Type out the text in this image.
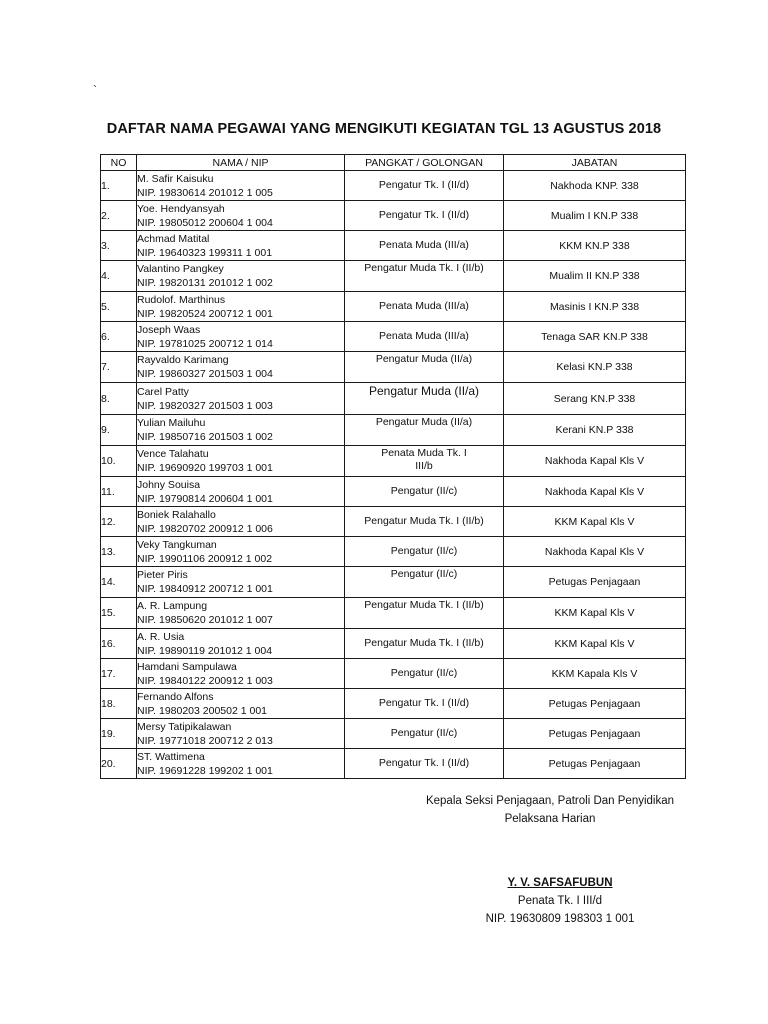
`
DAFTAR NAMA PEGAWAI YANG MENGIKUTI KEGIATAN TGL 13 AGUSTUS 2018
NO	NAMA / NIP	PANGKAT / GOLONGAN	JABATAN
1.	M. Safir Kaisuku
NIP. 19830614 201012 1 005	Pengatur Tk. I (II/d)	Nakhoda KNP. 338
2.	Yoe. Hendyansyah
NIP. 19805012 200604 1 004	Pengatur Tk. I (II/d)	Mualim I KN.P 338
3.	Achmad Matital
NIP. 19640323 199311 1 001	Penata Muda (III/a)	KKM KN.P 338
4.	Valantino Pangkey
NIP. 19820131 201012 1 002	Pengatur Muda Tk. I (II/b)	Mualim II KN.P 338
5.	Rudolof. Marthinus
NIP. 19820524 200712 1 001	Penata Muda (III/a)	Masinis I KN.P 338
6.	Joseph Waas
NIP. 19781025 200712 1 014	Penata Muda (III/a)	Tenaga SAR KN.P 338
7.	Rayvaldo Karimang
NIP. 19860327 201503 1 004	Pengatur Muda (II/a)	Kelasi KN.P 338
8.	Carel Patty
NIP. 19820327 201503 1 003	Pengatur Muda (II/a)	Serang KN.P 338
9.	Yulian Mailuhu
NIP. 19850716 201503 1 002	Pengatur Muda (II/a)	Kerani KN.P 338
10.	Vence Talahatu
NIP. 19690920 199703 1 001	Penata Muda Tk. I
III/b	Nakhoda Kapal Kls V
11.	Johny Souisa
NIP. 19790814 200604 1 001	Pengatur (II/c)	Nakhoda Kapal Kls V
12.	Boniek Ralahallo
NIP. 19820702 200912 1 006	Pengatur Muda Tk. I (II/b)	KKM Kapal Kls V
13.	Veky Tangkuman
NIP. 19901106 200912 1 002	Pengatur (II/c)	Nakhoda Kapal Kls V
14.	Pieter Piris
NIP. 19840912 200712 1 001	Pengatur (II/c)	Petugas Penjagaan
15.	A. R. Lampung
NIP. 19850620 201012 1 007	Pengatur Muda Tk. I (II/b)	KKM Kapal Kls V
16.	A. R. Usia
NIP. 19890119 201012 1 004	Pengatur Muda Tk. I (II/b)	KKM Kapal Kls V
17.	Hamdani Sampulawa
NIP. 19840122 200912 1 003	Pengatur (II/c)	KKM Kapala Kls V
18.	Fernando Alfons
NIP. 1980203 200502 1 001	Pengatur Tk. I (II/d)	Petugas Penjagaan
19.	Mersy Tatipikalawan
NIP. 19771018 200712 2 013	Pengatur (II/c)	Petugas Penjagaan
20.	ST. Wattimena
NIP. 19691228 199202 1 001	Pengatur Tk. I (II/d)	Petugas Penjagaan
Kepala Seksi Penjagaan, Patroli Dan Penyidikan
Pelaksana Harian
Y. V. SAFSAFUBUN
Penata Tk. I III/d
NIP. 19630809 198303 1 001
